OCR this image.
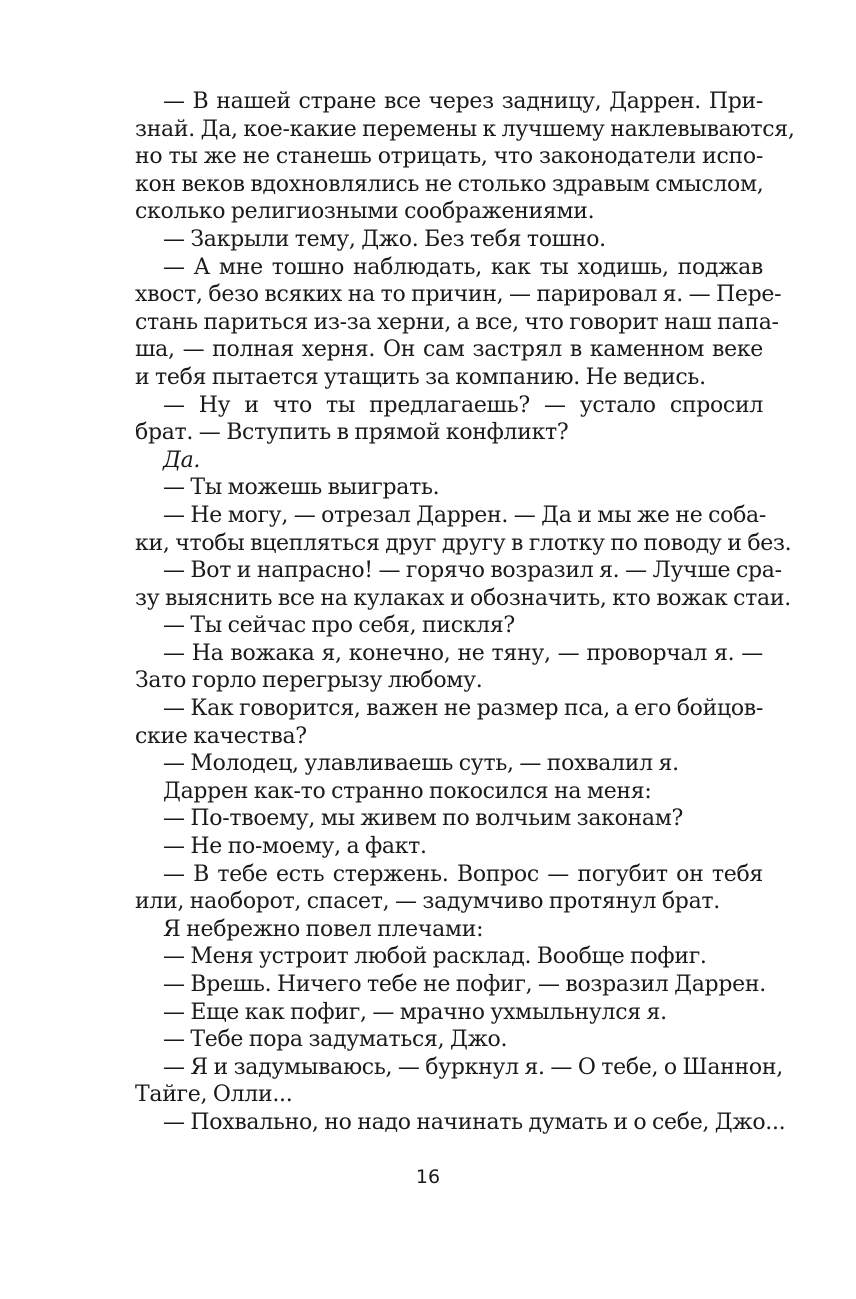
— В нашей стране все через задницу, Даррен. При-
знай. Да, кое-какие перемены к лучшему наклевываются,
но ты же не станешь отрицать, что законодатели испо-
кон веков вдохновлялись не столько здравым смыслом,
сколько религиозными соображениями.
— Закрыли тему, Джо. Без тебя тошно.
— А мне тошно наблюдать, как ты ходишь, поджав
хвост, безо всяких на то причин, — парировал я. — Пере-
стань париться из-за херни, а все, что говорит наш папа-
ша, — полная херня. Он сам застрял в каменном веке
и тебя пытается утащить за компанию. Не ведись.
— Ну и что ты предлагаешь? — устало спросил
брат. — Вступить в прямой конфликт?
Да.
— Ты можешь выиграть.
— Не могу, — отрезал Даррен. — Да и мы же не соба-
ки, чтобы вцепляться друг другу в глотку по поводу и без.
— Вот и напрасно! — горячо возразил я. — Лучше сра-
зу выяснить все на кулаках и обозначить, кто вожак стаи.
— Ты сейчас про себя, пискля?
— На вожака я, конечно, не тяну, — проворчал я. —
Зато горло перегрызу любому.
— Как говорится, важен не размер пса, а его бойцов-
ские качества?
— Молодец, улавливаешь суть, — похвалил я.
Даррен как-то странно покосился на меня:
— По-твоему, мы живем по волчьим законам?
— Не по-моему, а факт.
— В тебе есть стержень. Вопрос — погубит он тебя
или, наоборот, спасет, — задумчиво протянул брат.
Я небрежно повел плечами:
— Меня устроит любой расклад. Вообще пофиг.
— Врешь. Ничего тебе не пофиг, — возразил Даррен.
— Еще как пофиг, — мрачно ухмыльнулся я.
— Тебе пора задуматься, Джо.
— Я и задумываюсь, — буркнул я. — О тебе, о Шаннон,
Тайге, Олли...
— Похвально, но надо начинать думать и о себе, Джо...
16
